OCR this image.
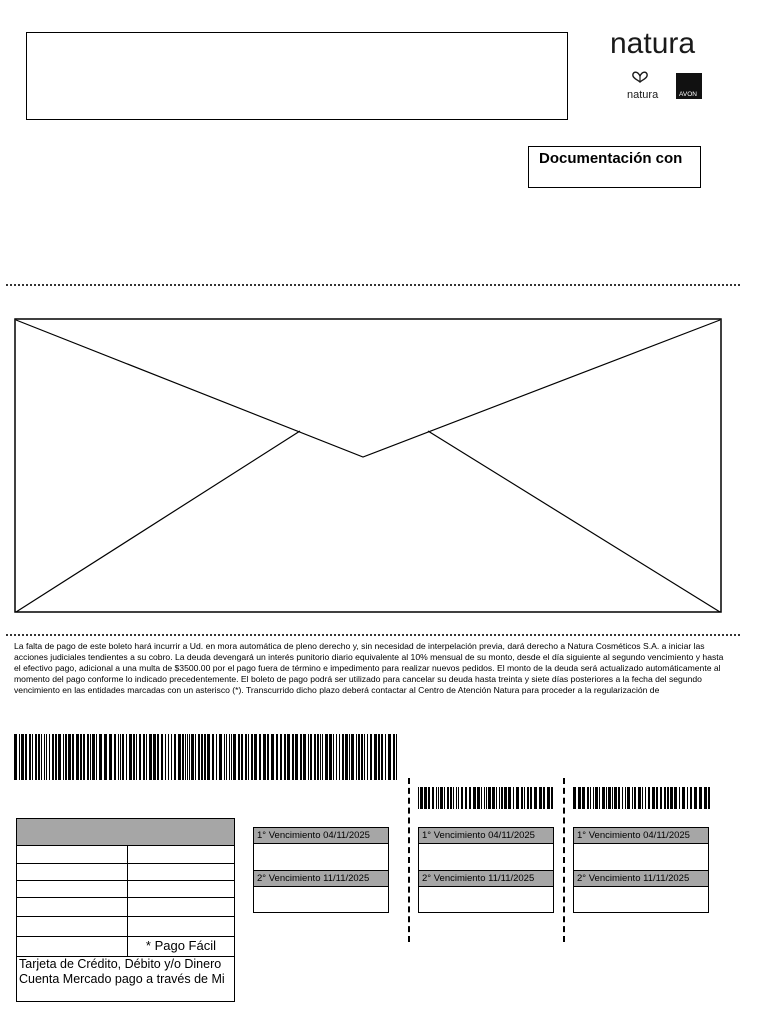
natura
natura	AVON
Documentación con
La falta de pago de este boleto hará incurrir a Ud. en mora automática de pleno derecho y, sin necesidad de interpelación previa, dará derecho a Natura Cosméticos S.A. a iniciar las acciones judiciales tendientes a su cobro. La deuda devengará un interés punitorio diario equivalente al 10% mensual de su monto, desde el día siguiente al segundo vencimiento y hasta el efectivo pago, adicional a una multa de $3500.00 por el pago fuera de término e impedimento para realizar nuevos pedidos. El monto de la deuda será actualizado automáticamente al momento del pago conforme lo indicado precedentemente. El boleto de pago podrá ser utilizado para cancelar su deuda hasta treinta y siete días posteriores a la fecha del segundo vencimiento en las entidades marcadas con un asterisco (*). Transcurrido dicho plazo deberá contactar al Centro de Atención Natura para proceder a la regularización de
* Pago Fácil
Tarjeta de Crédito, Débito y/o Dinero
Cuenta Mercado pago a través de Mi
1° Vencimiento 04/11/2025
2° Vencimiento 11/11/2025
1° Vencimiento 04/11/2025
2° Vencimiento 11/11/2025
1° Vencimiento 04/11/2025
2° Vencimiento 11/11/2025
